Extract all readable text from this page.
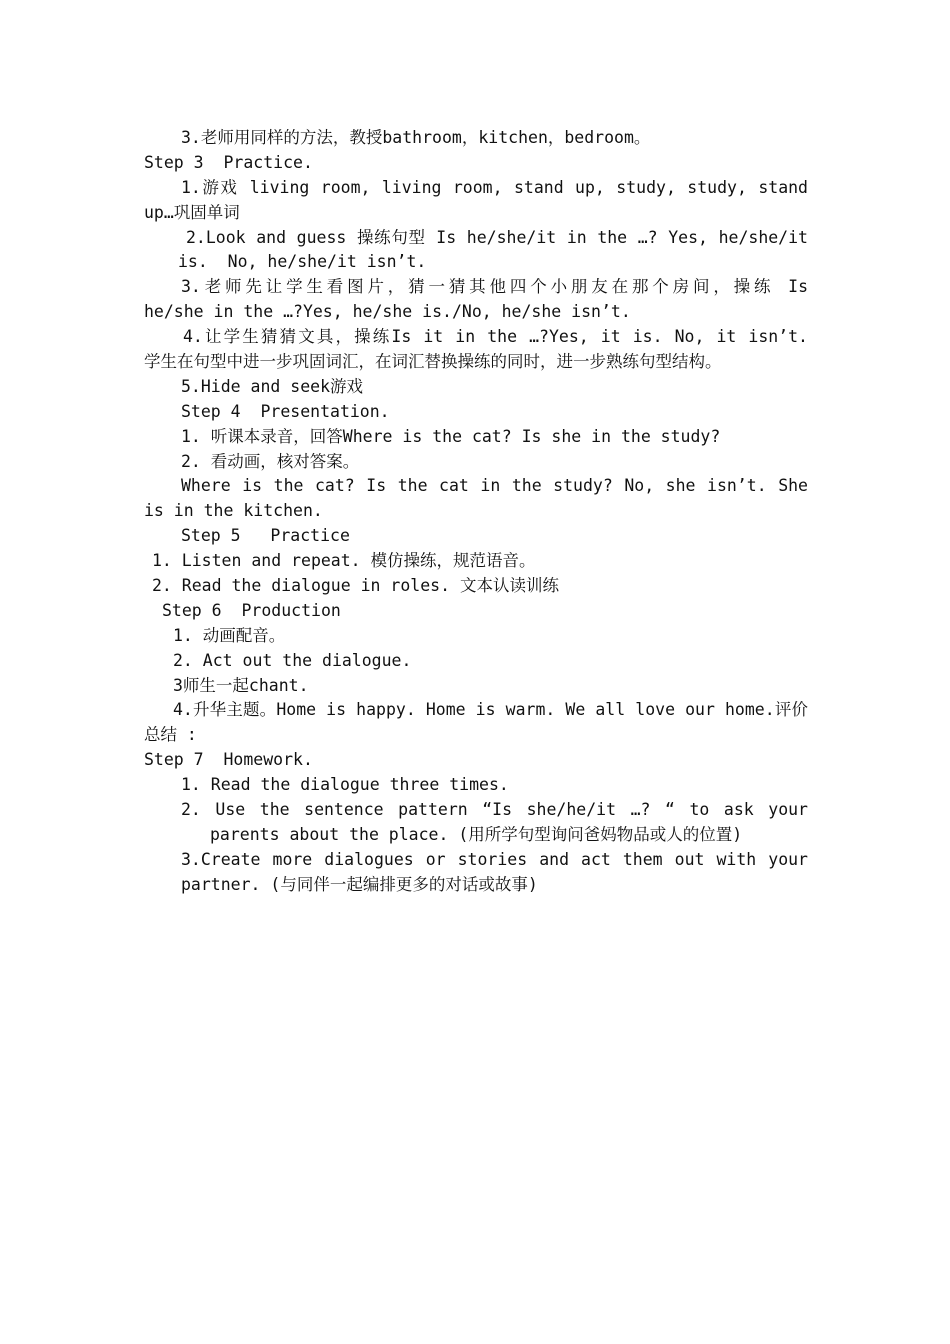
3.老师用同样的方法，教授bathroom，kitchen，bedroom。
Step 3  Practice.
1.游戏 living room, living room, stand up, study, study, stand
up…巩固单词
2.Look and guess 操练句型 Is he/she/it in the …? Yes, he/she/it
is.  No, he/she/it isn’t.
3.老师先让学生看图片，猜一猜其他四个小朋友在那个房间，操练 Is
he/she in the …?Yes, he/she is./No, he/she isn’t.
4.让学生猜猜文具，操练Is it in the …?Yes, it is. No, it isn’t.
学生在句型中进一步巩固词汇，在词汇替换操练的同时，进一步熟练句型结构。
5.Hide and seek游戏
Step 4  Presentation.
1. 听课本录音，回答Where is the cat? Is she in the study?
2. 看动画，核对答案。
Where is the cat? Is the cat in the study? No, she isn’t. She
is in the kitchen.
Step 5   Practice
1. Listen and repeat. 模仿操练，规范语音。
2. Read the dialogue in roles. 文本认读训练
Step 6  Production
1. 动画配音。
2. Act out the dialogue.
3师生一起chant.
4.升华主题。Home is happy. Home is warm. We all love our home.评价
总结 :
Step 7  Homework.
1. Read the dialogue three times.
2. Use the sentence pattern “Is she/he/it …? “ to ask your
parents about the place. (用所学句型询问爸妈物品或人的位置)
3.Create more dialogues or stories and act them out with your
partner. (与同伴一起编排更多的对话或故事)
